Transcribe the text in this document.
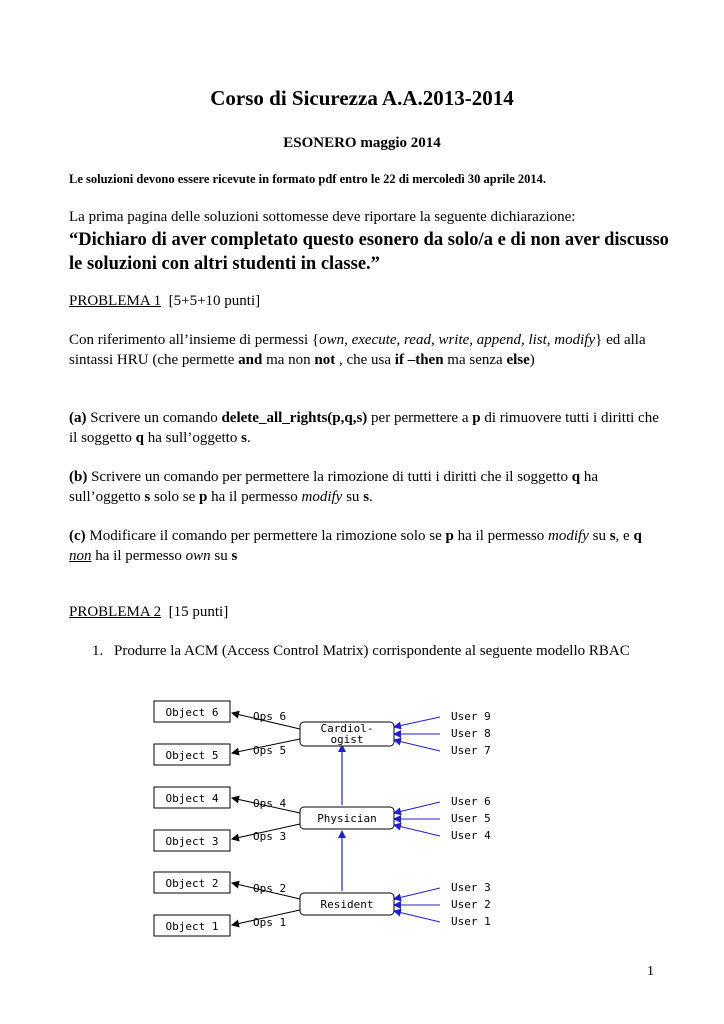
Corso di Sicurezza A.A.2013-2014
ESONERO maggio 2014
Le soluzioni devono essere ricevute in formato pdf entro le 22 di mercoledì 30 aprile 2014.
La prima pagina delle soluzioni sottomesse deve riportare la seguente dichiarazione:
“Dichiaro di aver completato questo esonero da solo/a e di non aver discusso le soluzioni con altri studenti in classe.”
PROBLEMA 1 [5+5+10 punti]
Con riferimento all’insieme di permessi {own, execute, read, write, append, list, modify} ed alla sintassi HRU (che permette and ma non not , che usa if –then ma senza else)
(a) Scrivere un comando delete_all_rights(p,q,s) per permettere a p di rimuovere tutti i diritti che il soggetto q ha sull’oggetto s.
(b) Scrivere un comando per permettere la rimozione di tutti i diritti che il soggetto q ha sull’oggetto s solo se p ha il permesso modify su s.
(c) Modificare il comando per permettere la rimozione solo se p ha il permesso modify su s, e q non ha il permesso own su s
PROBLEMA 2 [15 punti]
1. Produrre la ACM (Access Control Matrix) corrispondente al seguente modello RBAC
Object 6
Object 5
Object 4
Object 3
Object 2
Object 1
Ops 6
Ops 5
Ops 4
Ops 3
Ops 2
Ops 1
Cardiol-
ogist
Physician
Resident
User 9
User 8
User 7
User 6
User 5
User 4
User 3
User 2
User 1
1
